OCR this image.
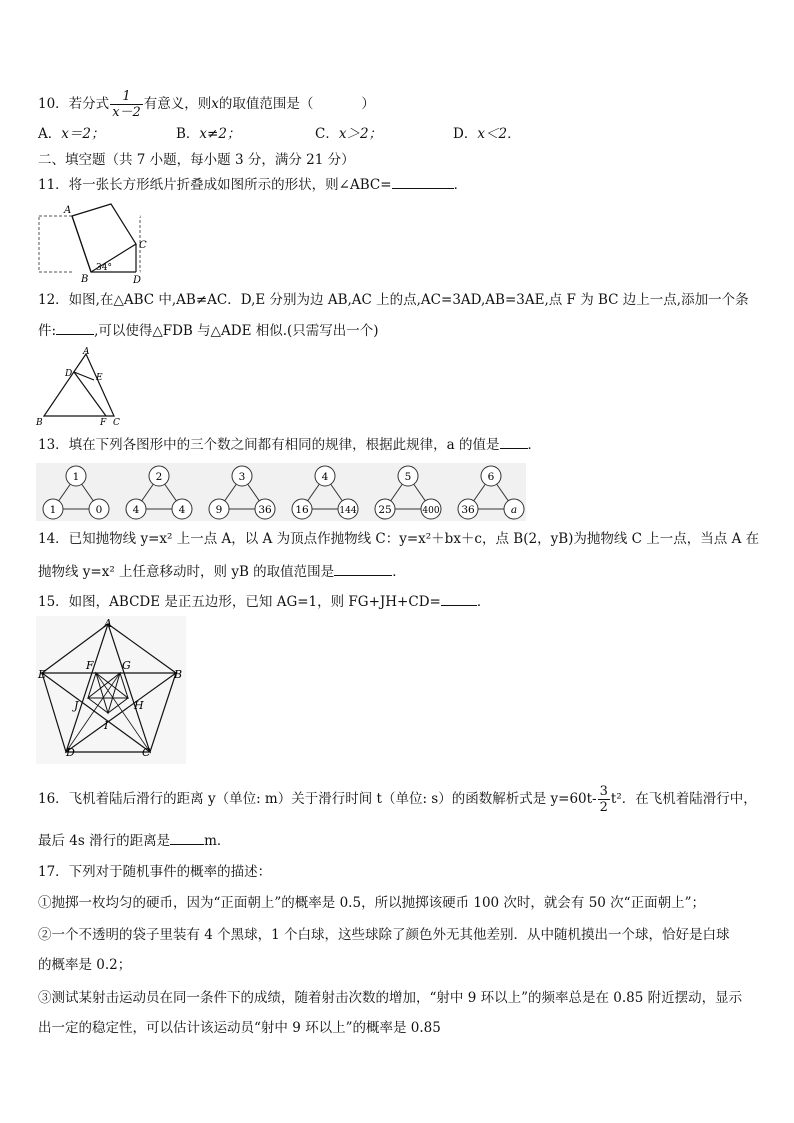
10．若分式 $\frac{1}{x-2}$ 有意义，则x的取值范围是（	）
A．x＝2；	B．x≠2；	C．x＞2；	D．x＜2．
二、填空题（共 7 小题，每小题 3 分，满分 21 分）
11．将一张长方形纸片折叠成如图所示的形状，则∠ABC=	．
A
C
B	D
34°
12．如图,在△ABC 中,AB≠AC．D,E 分别为边 AB,AC 上的点,AC=3AD,AB=3AE,点 F 为 BC 边上一点,添加一个条
件:	,可以使得△FDB 与△ADE 相似.(只需写出一个)
A
D	E
B	F C
13．填在下列各图形中的三个数之间都有相同的规律，根据此规律，a 的值是 ．
1
1	0
2
4	4
3
9	36
4
16	144
5
25	400
6
36	a
14．已知抛物线 y=x² 上一点 A，以 A 为顶点作抛物线 C：y=x²＋bx＋c，点 B(2，yB)为抛物线 C 上一点，当点 A 在
抛物线 y=x² 上任意移动时，则 yB 的取值范围是	．
15．如图，ABCDE 是正五边形，已知 AG=1，则 FG+JH+CD=	．
A
B
C
D
E
F	G
H
I
J
16．飞机着陆后滑行的距离 y（单位: m）关于滑行时间 t（单位: s）的函数解析式是 $y=60t- \frac{3}{2} t^2$．在飞机着陆滑行中，
最后 4s 滑行的距离是	m．
17．下列对于随机事件的概率的描述：
①抛掷一枚均匀的硬币，因为“正面朝上”的概率是 0.5，所以抛掷该硬币 100 次时，就会有 50 次“正面朝上”；
②一个不透明的袋子里装有 4 个黑球，1 个白球，这些球除了颜色外无其他差别．从中随机摸出一个球，恰好是白球
的概率是 0.2；
③测试某射击运动员在同一条件下的成绩，随着射击次数的增加，“射中 9 环以上”的频率总是在 0.85 附近摆动，显示
出一定的稳定性，可以估计该运动员“射中 9 环以上”的概率是 0.85
